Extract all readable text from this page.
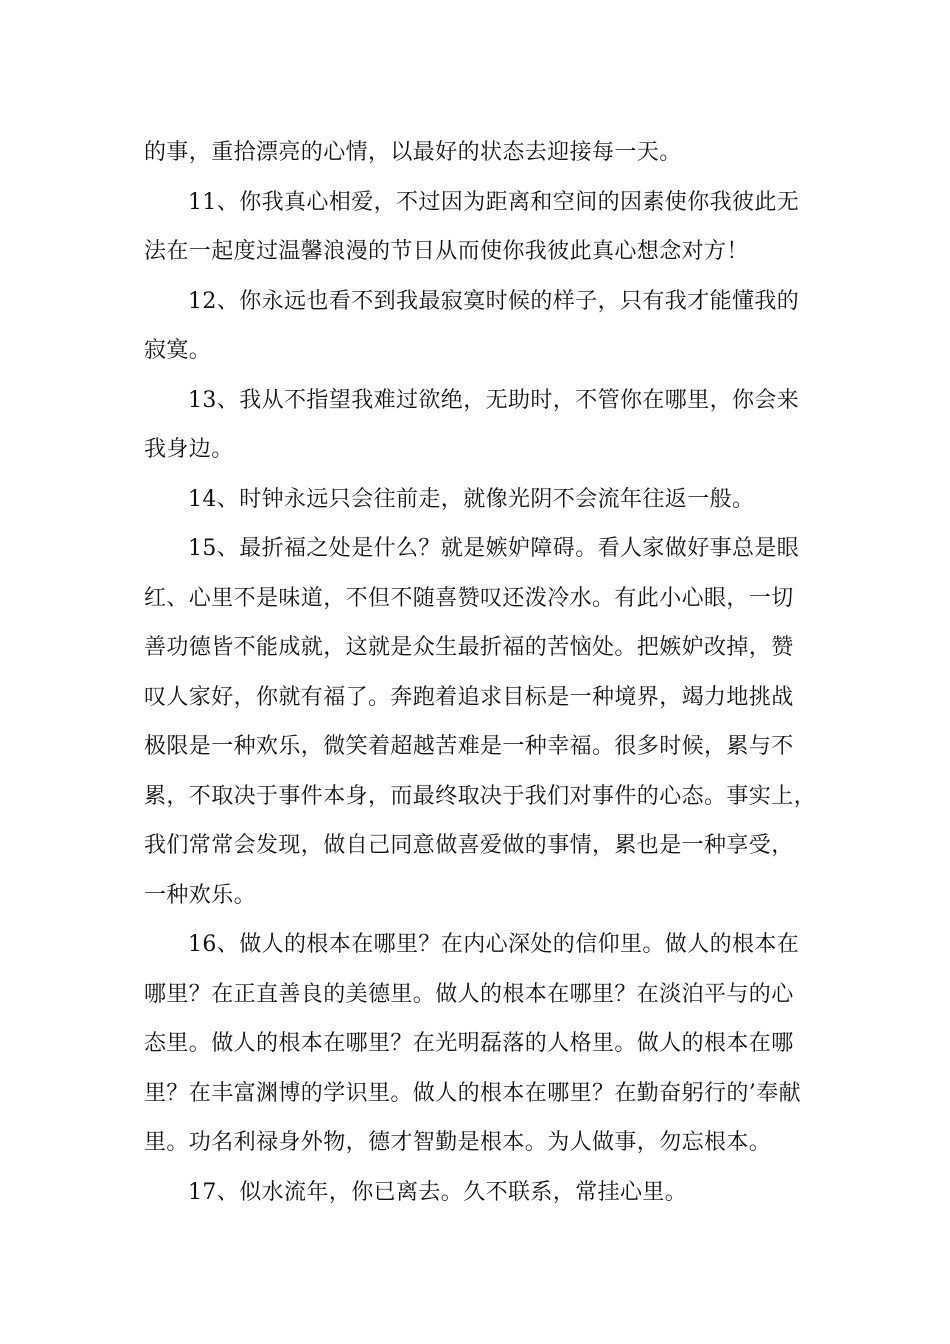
的事，重拾漂亮的心情，以最好的状态去迎接每一天。
11、你我真心相爱，不过因为距离和空间的因素使你我彼此无
法在一起度过温馨浪漫的节日从而使你我彼此真心想念对方！
12、你永远也看不到我最寂寞时候的样子，只有我才能懂我的
寂寞。
13、我从不指望我难过欲绝，无助时，不管你在哪里，你会来
我身边。
14、时钟永远只会往前走，就像光阴不会流年往返一般。
15、最折福之处是什么？就是嫉妒障碍。看人家做好事总是眼
红、心里不是味道，不但不随喜赞叹还泼冷水。有此小心眼，一切
善功德皆不能成就，这就是众生最折福的苦恼处。把嫉妒改掉，赞
叹人家好，你就有福了。奔跑着追求目标是一种境界，竭力地挑战
极限是一种欢乐，微笑着超越苦难是一种幸福。很多时候，累与不
累，不取决于事件本身，而最终取决于我们对事件的心态。事实上，
我们常常会发现，做自己同意做喜爱做的事情，累也是一种享受，
一种欢乐。
16、做人的根本在哪里？在内心深处的信仰里。做人的根本在
哪里？在正直善良的美德里。做人的根本在哪里？在淡泊平与的心
态里。做人的根本在哪里？在光明磊落的人格里。做人的根本在哪
里？在丰富渊博的学识里。做人的根本在哪里？在勤奋躬行的’奉献
里。功名利禄身外物，德才智勤是根本。为人做事，勿忘根本。
17、似水流年，你已离去。久不联系，常挂心里。
